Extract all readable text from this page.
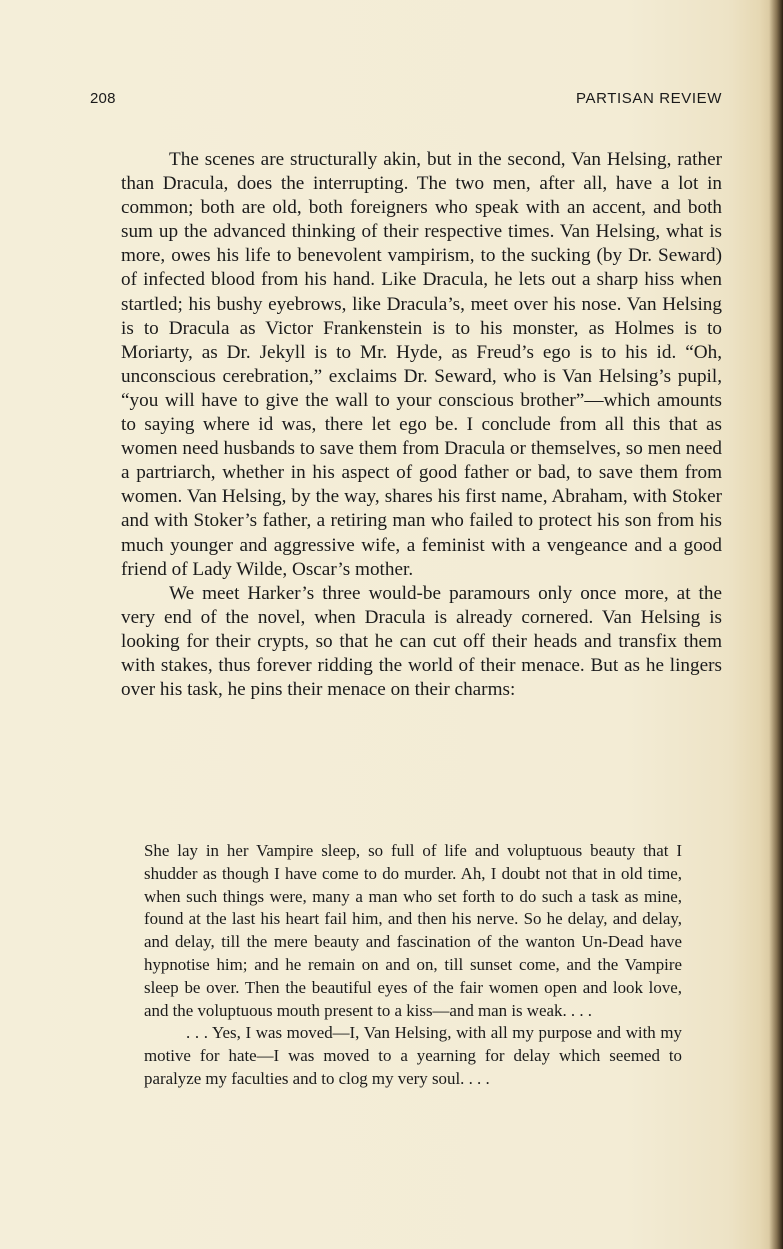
208	PARTISAN REVIEW

The scenes are structurally akin, but in the second, Van Helsing, rather than Dracula, does the interrupting. The two men, after all, have a lot in common; both are old, both foreigners who speak with an accent, and both sum up the advanced thinking of their respective times. Van Helsing, what is more, owes his life to benevolent vampirism, to the sucking (by Dr. Seward) of infected blood from his hand. Like Dracula, he lets out a sharp hiss when startled; his bushy eyebrows, like Dracula’s, meet over his nose. Van Helsing is to Dracula as Victor Frankenstein is to his monster, as Holmes is to Moriarty, as Dr. Jekyll is to Mr. Hyde, as Freud’s ego is to his id. “Oh, unconscious cerebration,” exclaims Dr. Seward, who is Van Helsing’s pupil, “you will have to give the wall to your conscious brother”—which amounts to saying where id was, there let ego be. I conclude from all this that as women need husbands to save them from Dracula or themselves, so men need a partriarch, whether in his aspect of good father or bad, to save them from women. Van Helsing, by the way, shares his first name, Abraham, with Stoker and with Stoker’s father, a retiring man who failed to protect his son from his much younger and aggressive wife, a feminist with a vengeance and a good friend of Lady Wilde, Oscar’s mother.

We meet Harker’s three would-be paramours only once more, at the very end of the novel, when Dracula is already cornered. Van Helsing is looking for their crypts, so that he can cut off their heads and transfix them with stakes, thus forever ridding the world of their menace. But as he lingers over his task, he pins their menace on their charms:

She lay in her Vampire sleep, so full of life and voluptuous beauty that I shudder as though I have come to do murder. Ah, I doubt not that in old time, when such things were, many a man who set forth to do such a task as mine, found at the last his heart fail him, and then his nerve. So he delay, and delay, and delay, till the mere beauty and fascination of the wanton Un-Dead have hypnotise him; and he remain on and on, till sunset come, and the Vampire sleep be over. Then the beautiful eyes of the fair women open and look love, and the voluptuous mouth present to a kiss—and man is weak. . . .

. . . Yes, I was moved—I, Van Helsing, with all my purpose and with my motive for hate—I was moved to a yearning for delay which seemed to paralyze my faculties and to clog my very soul. . . .
